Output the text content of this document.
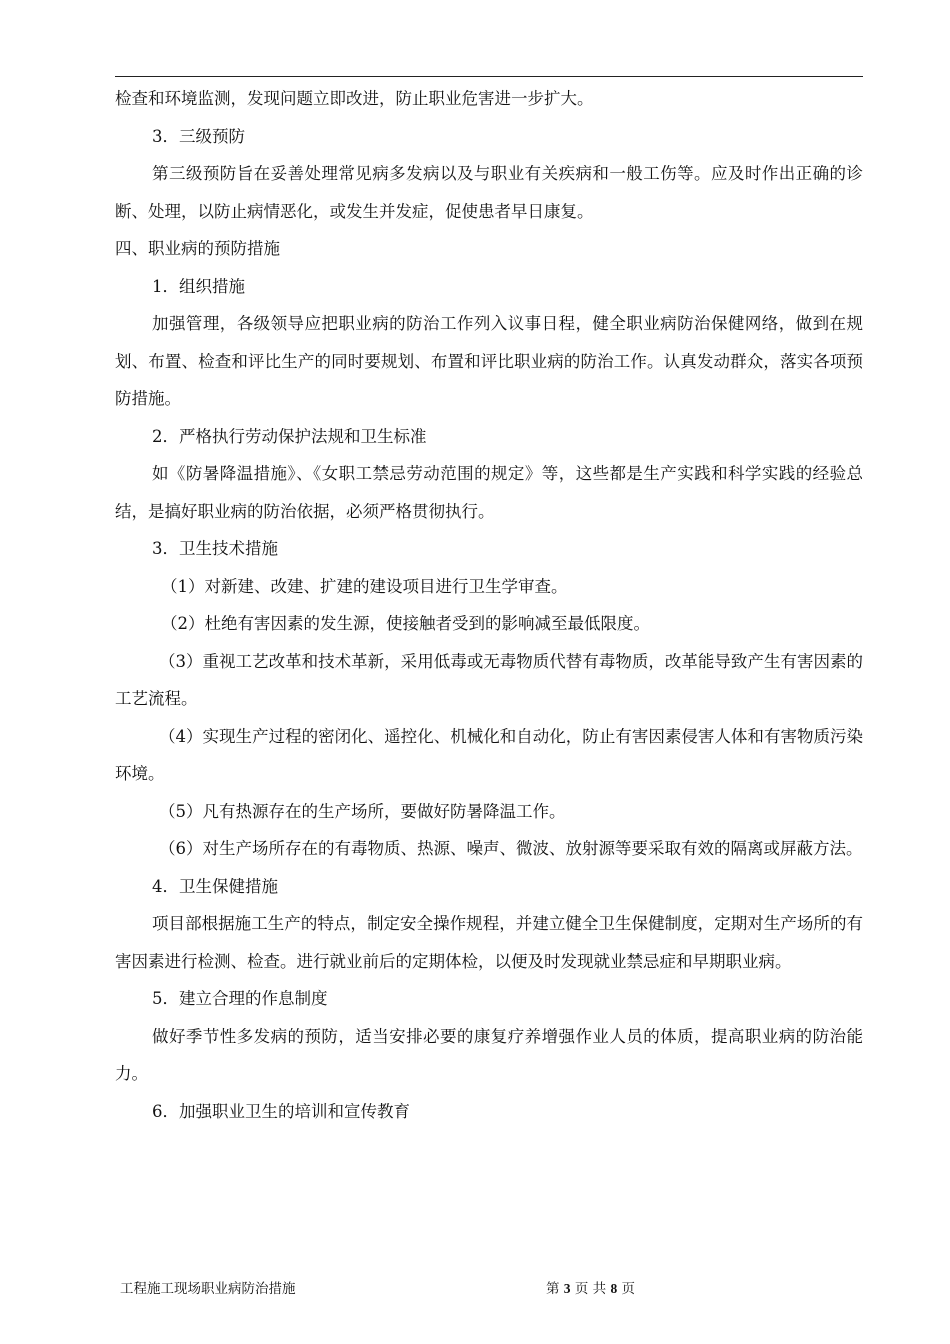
检查和环境监测，发现问题立即改进，防止职业危害进一步扩大。

3．三级预防

第三级预防旨在妥善处理常见病多发病以及与职业有关疾病和一般工伤等。应及时作出正确的诊断、处理，以防止病情恶化，或发生并发症，促使患者早日康复。

四、职业病的预防措施

1．组织措施

加强管理，各级领导应把职业病的防治工作列入议事日程，健全职业病防治保健网络，做到在规划、布置、检查和评比生产的同时要规划、布置和评比职业病的防治工作。认真发动群众，落实各项预防措施。

2．严格执行劳动保护法规和卫生标准

如《防暑降温措施》、《女职工禁忌劳动范围的规定》等，这些都是生产实践和科学实践的经验总结，是搞好职业病的防治依据，必须严格贯彻执行。

3．卫生技术措施

（1）对新建、改建、扩建的建设项目进行卫生学审查。

（2）杜绝有害因素的发生源，使接触者受到的影响减至最低限度。

（3）重视工艺改革和技术革新，采用低毒或无毒物质代替有毒物质，改革能导致产生有害因素的工艺流程。

（4）实现生产过程的密闭化、遥控化、机械化和自动化，防止有害因素侵害人体和有害物质污染环境。

（5）凡有热源存在的生产场所，要做好防暑降温工作。

（6）对生产场所存在的有毒物质、热源、噪声、微波、放射源等要采取有效的隔离或屏蔽方法。

4．卫生保健措施

项目部根据施工生产的特点，制定安全操作规程，并建立健全卫生保健制度，定期对生产场所的有害因素进行检测、检查。进行就业前后的定期体检，以便及时发现就业禁忌症和早期职业病。

5．建立合理的作息制度

做好季节性多发病的预防，适当安排必要的康复疗养增强作业人员的体质，提高职业病的防治能力。

6．加强职业卫生的培训和宣传教育

工程施工现场职业病防治措施	第 3 页 共 8 页
